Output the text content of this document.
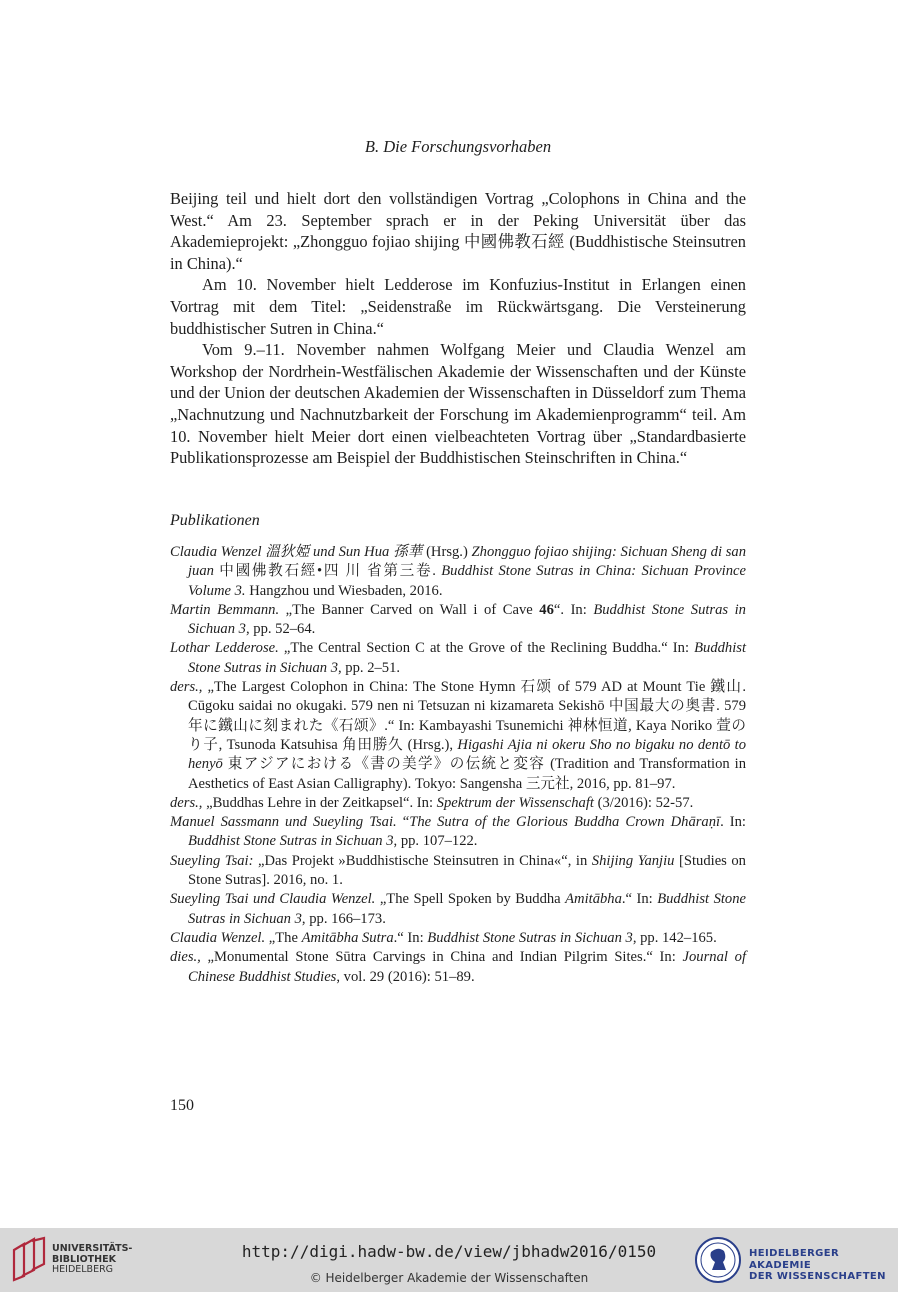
B. Die Forschungsvorhaben

Beijing teil und hielt dort den vollständigen Vortrag „Colophons in China and the West.“ Am 23. September sprach er in der Peking Universität über das Akademieprojekt: „Zhongguo fojiao shijing 中國佛教石經 (Buddhistische Steinsutren in China).“

Am 10. November hielt Ledderose im Konfuzius-Institut in Erlangen einen Vortrag mit dem Titel: „Seidenstraße im Rückwärtsgang. Die Versteinerung buddhistischer Sutren in China.“

Vom 9.–11. November nahmen Wolfgang Meier und Claudia Wenzel am Workshop der Nordrhein-Westfälischen Akademie der Wissenschaften und der Künste und der Union der deutschen Akademien der Wissenschaften in Düsseldorf zum Thema „Nachnutzung und Nachnutzbarkeit der Forschung im Akademienprogramm“ teil. Am 10. November hielt Meier dort einen vielbeachteten Vortrag über „Standardbasierte Publikationsprozesse am Beispiel der Buddhistischen Steinschriften in China.“

Publikationen

Claudia Wenzel 溫狄婭 und Sun Hua 孫華 (Hrsg.) Zhongguo fojiao shijing: Sichuan Sheng di san juan 中國佛教石經•四 川 省第三卷. Buddhist Stone Sutras in China: Sichuan Province Volume 3. Hangzhou und Wiesbaden, 2016.

Martin Bemmann. „The Banner Carved on Wall i of Cave 46“. In: Buddhist Stone Sutras in Sichuan 3, pp. 52–64.

Lothar Ledderose. „The Central Section C at the Grove of the Reclining Buddha.“ In: Buddhist Stone Sutras in Sichuan 3, pp. 2–51.

ders., „The Largest Colophon in China: The Stone Hymn 石颂 of 579 AD at Mount Tie 鐵山. Cūgoku saidai no okugaki. 579 nen ni Tetsuzan ni kizamareta Sekishō 中国最大の奥書. 579 年に鐵山に刻まれた《石颂》.“ In: Kambayashi Tsunemichi 神林恒道, Kaya Noriko 萱のり子, Tsunoda Katsuhisa 角田勝久 (Hrsg.), Higashi Ajia ni okeru Sho no bigaku no dentō to henyō 東アジアにおける《書の美学》の伝統と変容 (Tradition and Transformation in Aesthetics of East Asian Calligraphy). Tokyo: Sangensha 三元社, 2016, pp. 81–97.

ders., „Buddhas Lehre in der Zeitkapsel“. In: Spektrum der Wissenschaft (3/2016): 52-57.

Manuel Sassmann und Sueyling Tsai. “The Sutra of the Glorious Buddha Crown Dhāraṇī. In: Buddhist Stone Sutras in Sichuan 3, pp. 107–122.

Sueyling Tsai: „Das Projekt »Buddhistische Steinsutren in China«“, in Shijing Yanjiu [Studies on Stone Sutras]. 2016, no. 1.

Sueyling Tsai und Claudia Wenzel. „The Spell Spoken by Buddha Amitābha.“ In: Buddhist Stone Sutras in Sichuan 3, pp. 166–173.

Claudia Wenzel. „The Amitābha Sutra.“ In: Buddhist Stone Sutras in Sichuan 3, pp. 142–165.

dies., „Monumental Stone Sūtra Carvings in China and Indian Pilgrim Sites.“ In: Journal of Chinese Buddhist Studies, vol. 29 (2016): 51–89.

150
UNIVERSITÄTS-
BIBLIOTHEK
HEIDELBERG
http://digi.hadw-bw.de/view/jbhadw2016/0150
© Heidelberger Akademie der Wissenschaften
HEIDELBERGER AKADEMIE
DER WISSENSCHAFTEN
